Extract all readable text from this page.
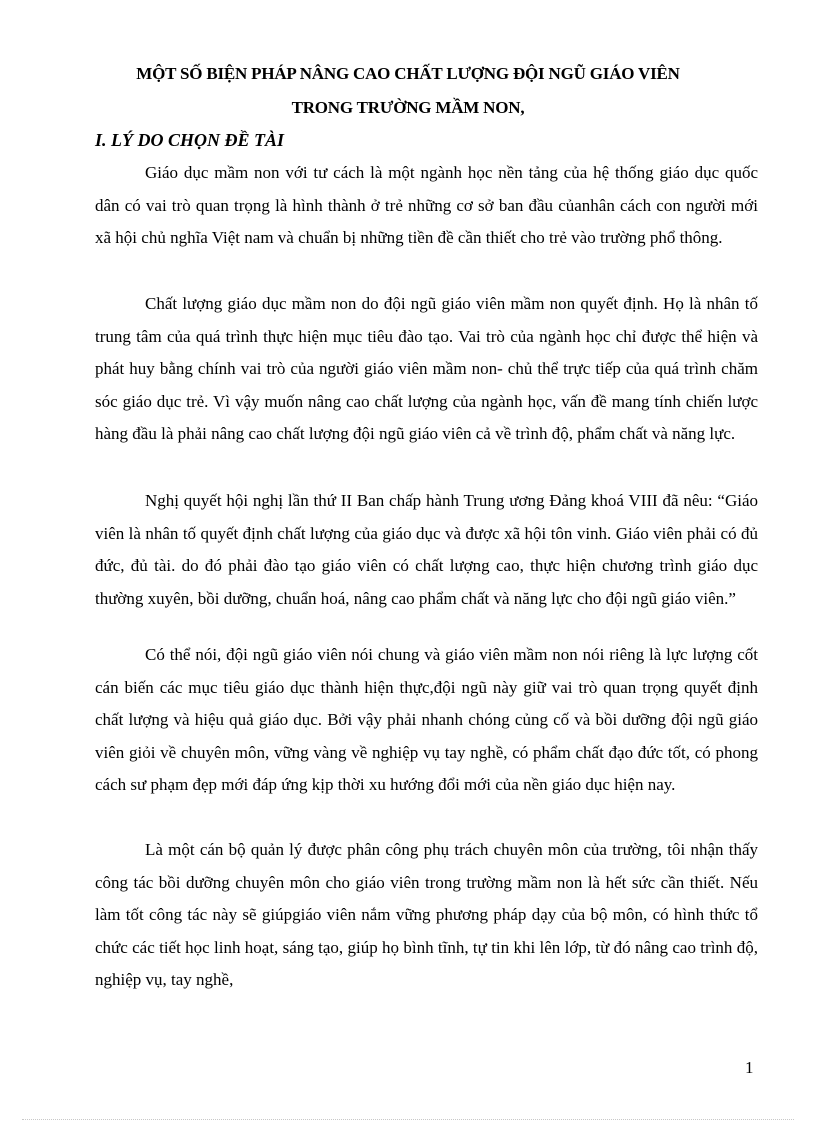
MỘT SỐ BIỆN PHÁP NÂNG CAO CHẤT LƯỢNG ĐỘI NGŨ GIÁO VIÊN
TRONG TRƯỜNG MẦM NON,
I. LÝ DO CHỌN ĐỀ TÀI

Giáo dục mầm non với tư cách là một ngành học nền tảng của hệ thống giáo dục quốc dân có vai trò quan trọng là hình thành ở trẻ những cơ sở ban đầu củanhân cách con người mới xã hội chủ nghĩa Việt nam và chuẩn bị những tiền đề cần thiết cho trẻ vào trường phổ thông.

Chất lượng giáo dục mầm non do đội ngũ giáo viên mầm non quyết định. Họ là nhân tố trung tâm của quá trình thực hiện mục tiêu đào tạo. Vai trò của ngành học chỉ được thể hiện và phát huy bằng chính vai trò của người giáo viên mầm non- chủ thể trực tiếp của quá trình chăm sóc giáo dục trẻ. Vì vậy muốn nâng cao chất lượng của ngành học, vấn đề mang tính chiến lược hàng đầu là phải nâng cao chất lượng đội ngũ giáo viên cả về trình độ, phẩm chất và năng lực.

Nghị quyết hội nghị lần thứ II Ban chấp hành Trung ương Đảng khoá VIII đã nêu: “Giáo viên là nhân tố quyết định chất lượng của giáo dục và được xã hội tôn vinh. Giáo viên phải có đủ đức, đủ tài. do đó phải đào tạo giáo viên có chất lượng cao, thực hiện chương trình giáo dục thường xuyên, bồi dưỡng, chuẩn hoá, nâng cao phẩm chất và năng lực cho đội ngũ giáo viên.”

Có thể nói, đội ngũ giáo viên nói chung và giáo viên mầm non nói riêng là lực lượng cốt cán biến các mục tiêu giáo dục thành hiện thực,đội ngũ này giữ vai trò quan trọng quyết định chất lượng và hiệu quả giáo dục. Bởi vậy phải nhanh chóng củng cố và bồi dưỡng đội ngũ giáo viên giỏi về chuyên môn, vững vàng về nghiệp vụ tay nghề, có phẩm chất đạo đức tốt, có phong cách sư phạm đẹp mới đáp ứng kịp thời xu hướng đổi mới của nền giáo dục hiện nay.

Là một cán bộ quản lý được phân công phụ trách chuyên môn của trường, tôi nhận thấy công tác bồi dưỡng chuyên môn cho giáo viên trong trường mầm non là hết sức cần thiết. Nếu làm tốt công tác này sẽ giúpgiáo viên nắm vững phương pháp dạy của bộ môn, có hình thức tổ chức các tiết học linh hoạt, sáng tạo, giúp họ bình tĩnh, tự tin khi lên lớp, từ đó nâng cao trình độ, nghiệp vụ, tay nghề,

1
